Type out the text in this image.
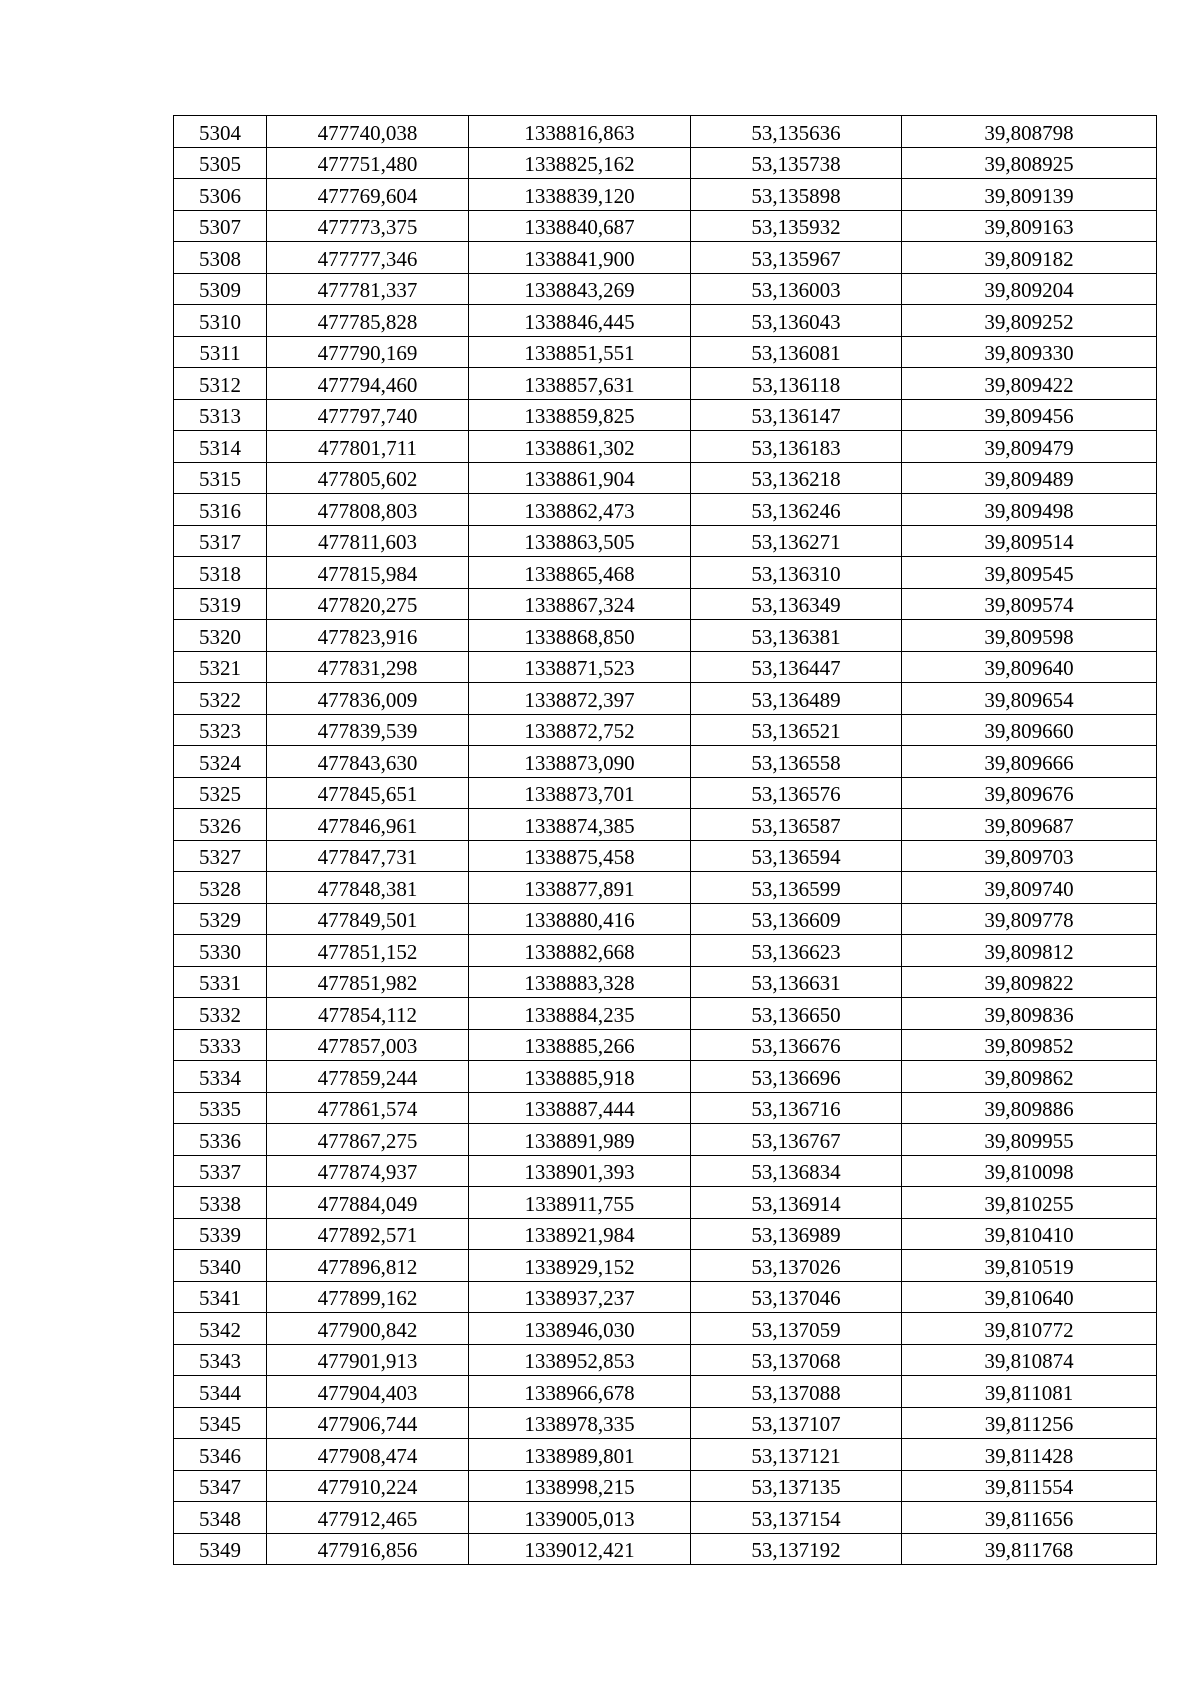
5304	477740,038	1338816,863	53,135636	39,808798
5305	477751,480	1338825,162	53,135738	39,808925
5306	477769,604	1338839,120	53,135898	39,809139
5307	477773,375	1338840,687	53,135932	39,809163
5308	477777,346	1338841,900	53,135967	39,809182
5309	477781,337	1338843,269	53,136003	39,809204
5310	477785,828	1338846,445	53,136043	39,809252
5311	477790,169	1338851,551	53,136081	39,809330
5312	477794,460	1338857,631	53,136118	39,809422
5313	477797,740	1338859,825	53,136147	39,809456
5314	477801,711	1338861,302	53,136183	39,809479
5315	477805,602	1338861,904	53,136218	39,809489
5316	477808,803	1338862,473	53,136246	39,809498
5317	477811,603	1338863,505	53,136271	39,809514
5318	477815,984	1338865,468	53,136310	39,809545
5319	477820,275	1338867,324	53,136349	39,809574
5320	477823,916	1338868,850	53,136381	39,809598
5321	477831,298	1338871,523	53,136447	39,809640
5322	477836,009	1338872,397	53,136489	39,809654
5323	477839,539	1338872,752	53,136521	39,809660
5324	477843,630	1338873,090	53,136558	39,809666
5325	477845,651	1338873,701	53,136576	39,809676
5326	477846,961	1338874,385	53,136587	39,809687
5327	477847,731	1338875,458	53,136594	39,809703
5328	477848,381	1338877,891	53,136599	39,809740
5329	477849,501	1338880,416	53,136609	39,809778
5330	477851,152	1338882,668	53,136623	39,809812
5331	477851,982	1338883,328	53,136631	39,809822
5332	477854,112	1338884,235	53,136650	39,809836
5333	477857,003	1338885,266	53,136676	39,809852
5334	477859,244	1338885,918	53,136696	39,809862
5335	477861,574	1338887,444	53,136716	39,809886
5336	477867,275	1338891,989	53,136767	39,809955
5337	477874,937	1338901,393	53,136834	39,810098
5338	477884,049	1338911,755	53,136914	39,810255
5339	477892,571	1338921,984	53,136989	39,810410
5340	477896,812	1338929,152	53,137026	39,810519
5341	477899,162	1338937,237	53,137046	39,810640
5342	477900,842	1338946,030	53,137059	39,810772
5343	477901,913	1338952,853	53,137068	39,810874
5344	477904,403	1338966,678	53,137088	39,811081
5345	477906,744	1338978,335	53,137107	39,811256
5346	477908,474	1338989,801	53,137121	39,811428
5347	477910,224	1338998,215	53,137135	39,811554
5348	477912,465	1339005,013	53,137154	39,811656
5349	477916,856	1339012,421	53,137192	39,811768
